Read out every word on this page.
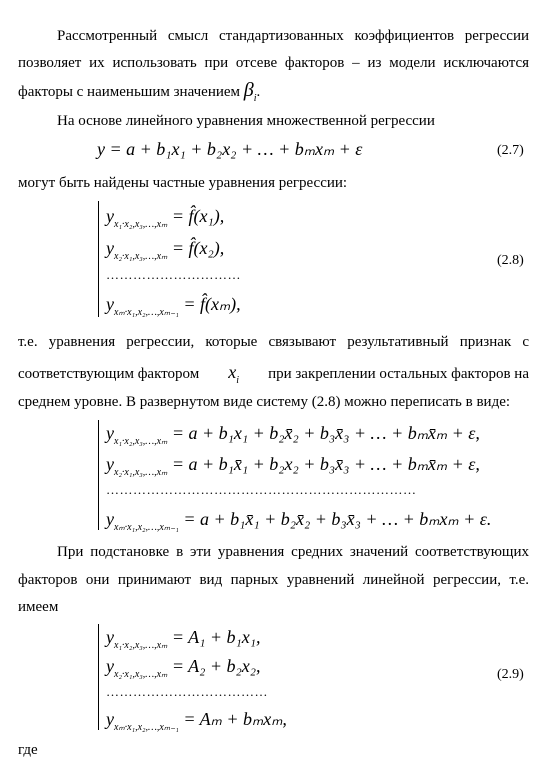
Рассмотренный смысл стандартизованных коэффициентов регрессии
позволяет их использовать при отсеве факторов – из модели исключаются
факторы с наименьшим значением $\beta_i$.
На основе линейного уравнения множественной регрессии
y = a + b₁x₁ + b₂x₂ + … + bₘxₘ + ε	(2.7)
могут быть найдены частные уравнения регрессии:
$y_{x_1\cdot x_2,x_3,\dots,x_m}$ = f̂(x₁),
$y_{x_2\cdot x_1,x_3,\dots,x_m}$ = f̂(x₂),
…………………………
$y_{x_m\cdot x_1,x_2,\dots,x_{m-1}}$ = f̂(xₘ),
(2.8)
т.е. уравнения регрессии, которые связывают результативный признак с
соответствующим фактором $x_i$ при закреплении остальных факторов на
среднем уровне. В развернутом виде систему (2.8) можно переписать в виде:
$y_{x_1\cdot x_2,x_3,\dots,x_m} = a + b_1x_1$ + b₂x̄₂ + b₃x̄₃ + … + bₘx̄ₘ + ε,
$y_{x_2\cdot x_1,x_3,\dots,x_m} = a$ + b₁x̄₁ + b₂x₂ + b₃x̄₃ + … + bₘx̄ₘ + ε,
……………………………………………………………
$y_{x_m\cdot x_1,x_2,\dots,x_{m-1}} = a$ + b₁x̄₁ + b₂x̄₂ + b₃x̄₃ + … + bₘxₘ + ε.
При подстановке в эти уравнения средних значений соответствующих
факторов они принимают вид парных уравнений линейной регрессии, т.е.
имеем
$y_{x_1\cdot x_2,x_3,\dots,x_m} = A_1 + b_1x_1$,
$y_{x_2\cdot x_1,x_3,\dots,x_m} = A_2 + b_2x_2$,
………………………………
$y_{x_m\cdot x_1,x_2,\dots,x_{m-1}} = A_m + b_mx_m$,
(2.9)
где
